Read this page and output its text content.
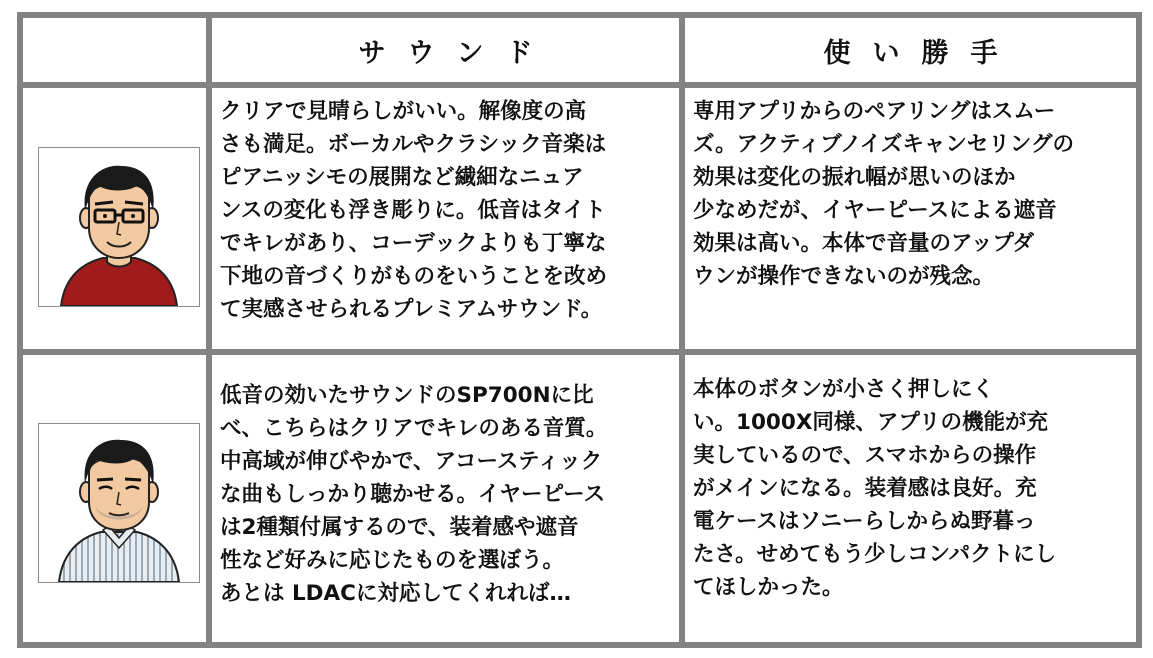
サウンド	使い勝手
クリアで見晴らしがいい。解像度の高
さも満足。ボーカルやクラシック音楽は
ピアニッシモの展開など繊細なニュア
ンスの変化も浮き彫りに。低音はタイト
でキレがあり、コーデックよりも丁寧な
下地の音づくりがものをいうことを改め
て実感させられるプレミアムサウンド。
専用アプリからのペアリングはスムー
ズ。アクティブノイズキャンセリングの
効果は変化の振れ幅が思いのほか
少なめだが、イヤーピースによる遮音
効果は高い。本体で音量のアップダ
ウンが操作できないのが残念。
低音の効いたサウンドのSP700Nに比
べ、こちらはクリアでキレのある音質。
中高域が伸びやかで、アコースティック
な曲もしっかり聴かせる。イヤーピース
は2種類付属するので、装着感や遮音
性など好みに応じたものを選ぼう。
あとは LDACに対応してくれれば…
本体のボタンが小さく押しにく
い。1000X同様、アプリの機能が充
実しているので、スマホからの操作
がメインになる。装着感は良好。充
電ケースはソニーらしからぬ野暮っ
たさ。せめてもう少しコンパクトにし
てほしかった。
